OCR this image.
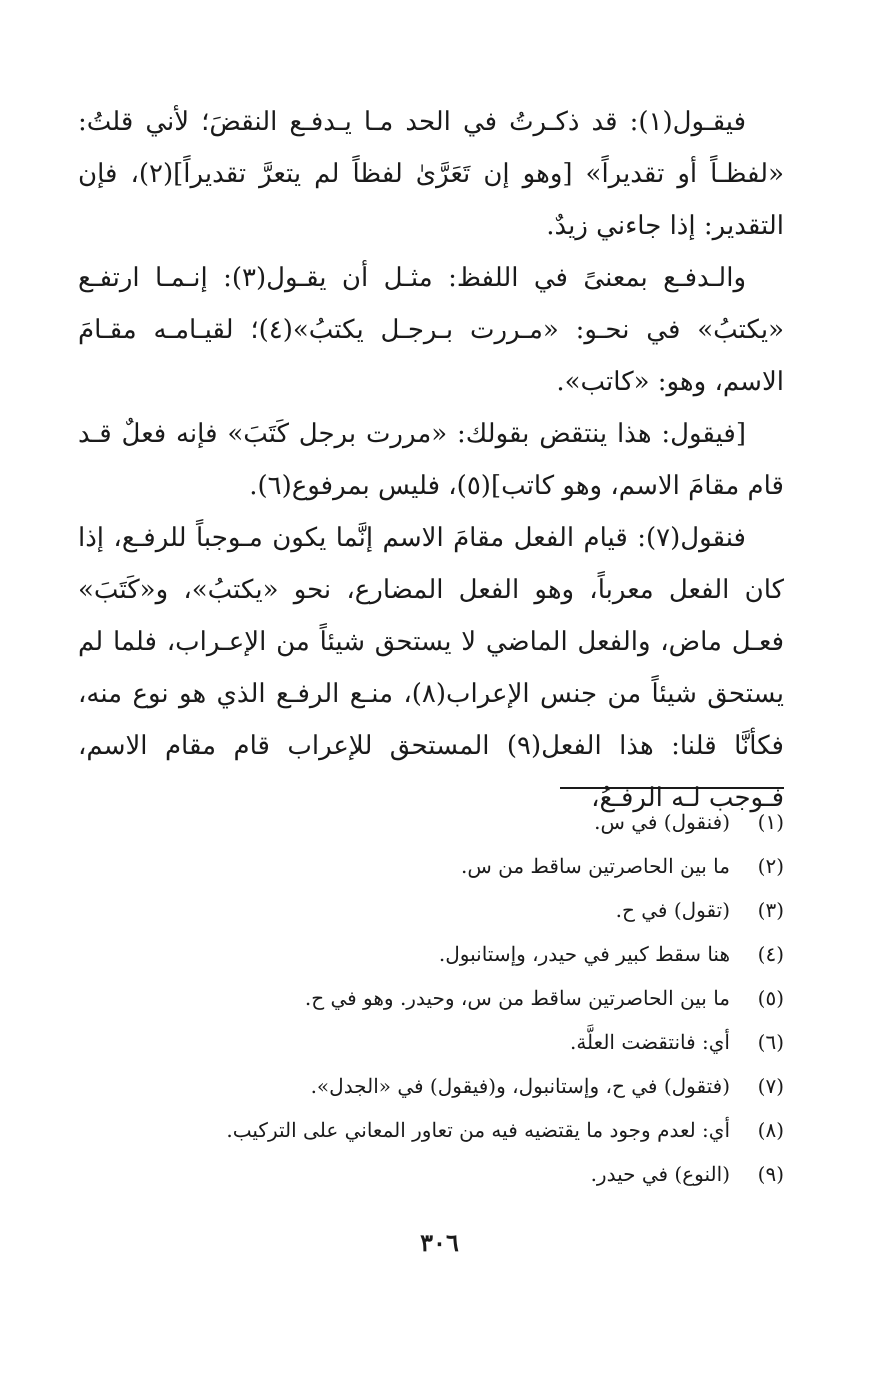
فيقـول(١): قد ذكـرتُ في الحد مـا يـدفـع النقضَ؛ لأني قلتُ: «لفظـاً أو تقديراً» [وهو إن تَعَرَّىٰ لفظاً لم يتعرَّ تقديراً](٢)، فإن التقدير: إذا جاءني زيدٌ.

والـدفـع بمعنىً في اللفظ: مثـل أن يقـول(٣): إنـمـا ارتفـع «يكتبُ» في نحـو: «مـررت بـرجـل يكتبُ»(٤)؛ لقيـامـه مقـامَ الاسم، وهو: «كاتب».

[فيقول: هذا ينتقض بقولك: «مررت برجل كَتَبَ» فإنه فعلٌ قـد قام مقامَ الاسم، وهو كاتب](٥)، فليس بمرفوع(٦).

فنقول(٧): قيام الفعل مقامَ الاسم إنَّما يكون مـوجباً للرفـع، إذا كان الفعل معرباً، وهو الفعل المضارع، نحو «يكتبُ»، و«كَتَبَ» فعـل ماض، والفعل الماضي لا يستحق شيئاً من الإعـراب، فلما لم يستحق شيئاً من جنس الإعراب(٨)، منـع الرفـع الذي هو نوع منه، فكأنَّا قلنا: هذا الفعل(٩) المستحق للإعراب قام مقام الاسم، فـوجب لـه الرفـعُ،

(١)
(فنقول) في س.
(٢)
ما بين الحاصرتين ساقط من س.
(٣)
(تقول) في ح.
(٤)
هنا سقط كبير في حيدر، وإستانبول.
(٥)
ما بين الحاصرتين ساقط من س، وحيدر. وهو في ح.
(٦)
أي: فانتقضت العلَّة.
(٧)
(فتقول) في ح، وإستانبول، و(فيقول) في «الجدل».
(٨)
أي: لعدم وجود ما يقتضيه فيه من تعاور المعاني على التركيب.
(٩)
(النوع) في حيدر.
٣٠٦
